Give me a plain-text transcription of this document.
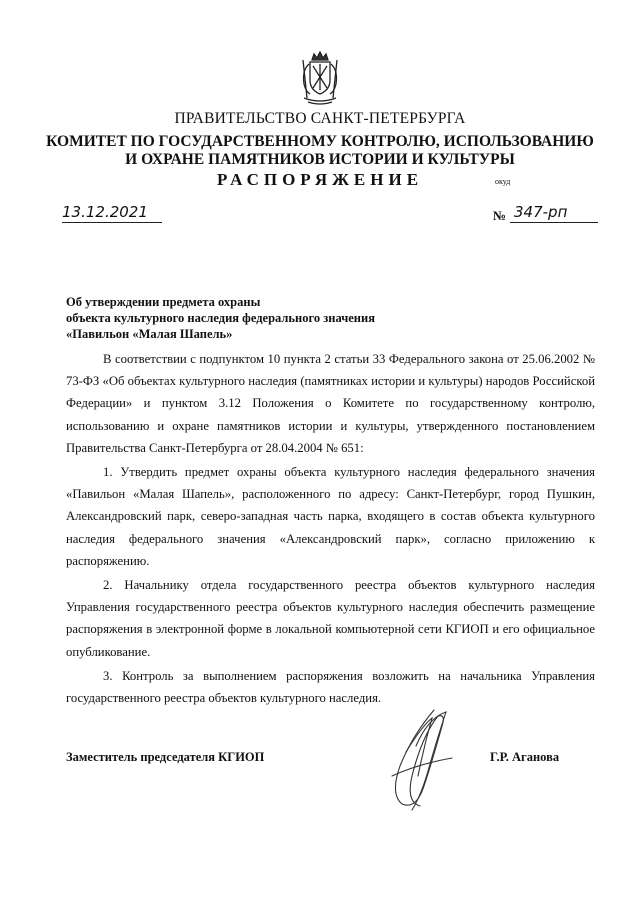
ПРАВИТЕЛЬСТВО САНКТ-ПЕТЕРБУРГА
КОМИТЕТ ПО ГОСУДАРСТВЕННОМУ КОНТРОЛЮ, ИСПОЛЬЗОВАНИЮ
И ОХРАНЕ ПАМЯТНИКОВ ИСТОРИИ И КУЛЬТУРЫ
РАСПОРЯЖЕНИЕ	окуд
13.12.2021	№ 347-рп
Об утверждении предмета охраны
объекта культурного наследия федерального значения
«Павильон «Малая Шапель»

В соответствии с подпунктом 10 пункта 2 статьи 33 Федерального закона от 25.06.2002 № 73-ФЗ «Об объектах культурного наследия (памятниках истории и культуры) народов Российской Федерации» и пунктом 3.12 Положения о Комитете по государственному контролю, использованию и охране памятников истории и культуры, утвержденного постановлением Правительства Санкт-Петербурга от 28.04.2004 № 651:

1. Утвердить предмет охраны объекта культурного наследия федерального значения «Павильон «Малая Шапель», расположенного по адресу: Санкт-Петербург, город Пушкин, Александровский парк, северо-западная часть парка, входящего в состав объекта культурного наследия федерального значения «Александровский парк», согласно приложению к распоряжению.

2. Начальнику отдела государственного реестра объектов культурного наследия Управления государственного реестра объектов культурного наследия обеспечить размещение распоряжения в электронной форме в локальной компьютерной сети КГИОП и его официальное опубликование.

3. Контроль за выполнением распоряжения возложить на начальника Управления государственного реестра объектов культурного наследия.

Заместитель председателя КГИОП	Г.Р. Аганова
